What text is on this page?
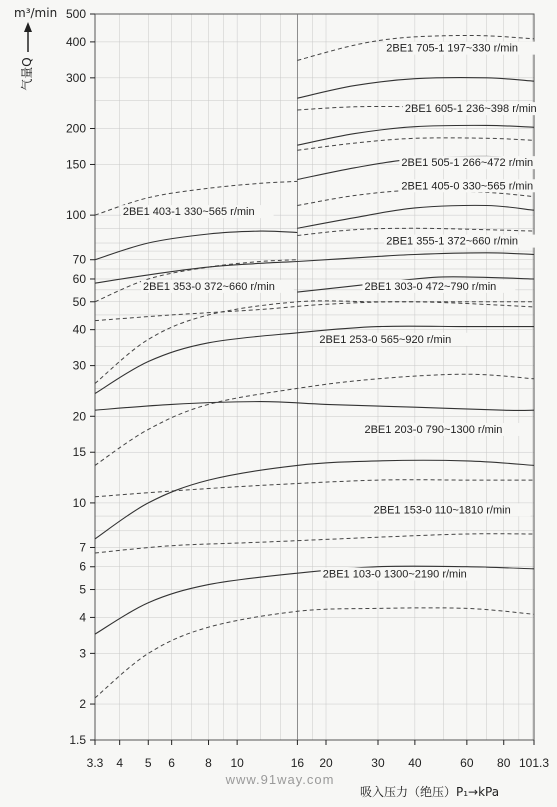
3.3 4 5 6	8 10	16 20	30 40	60 80 101.3
1.5
2
3
4
5
6
7
10
15
20
30
40
50
60
70
100
150
200
300
400
500
2BE1 705-1 197~330 r/min
2BE1 605-1 236~398 r/min
2BE1 505-1 266~472 r/min
2BE1 405-0 330~565 r/min
2BE1 403-1 330~565 r/min
2BE1 355-1 372~660 r/min
2BE1 353-0 372~660 r/min	2BE1 303-0 472~790 r/min
2BE1 253-0 565~920 r/min
2BE1 203-0 790~1300 r/min
2BE1 153-0 110~1810 r/min
2BE1 103-0 1300~2190 r/min
m³/min
吸入压力（绝压）P₁→kPa
气量Q
www.91way.com
